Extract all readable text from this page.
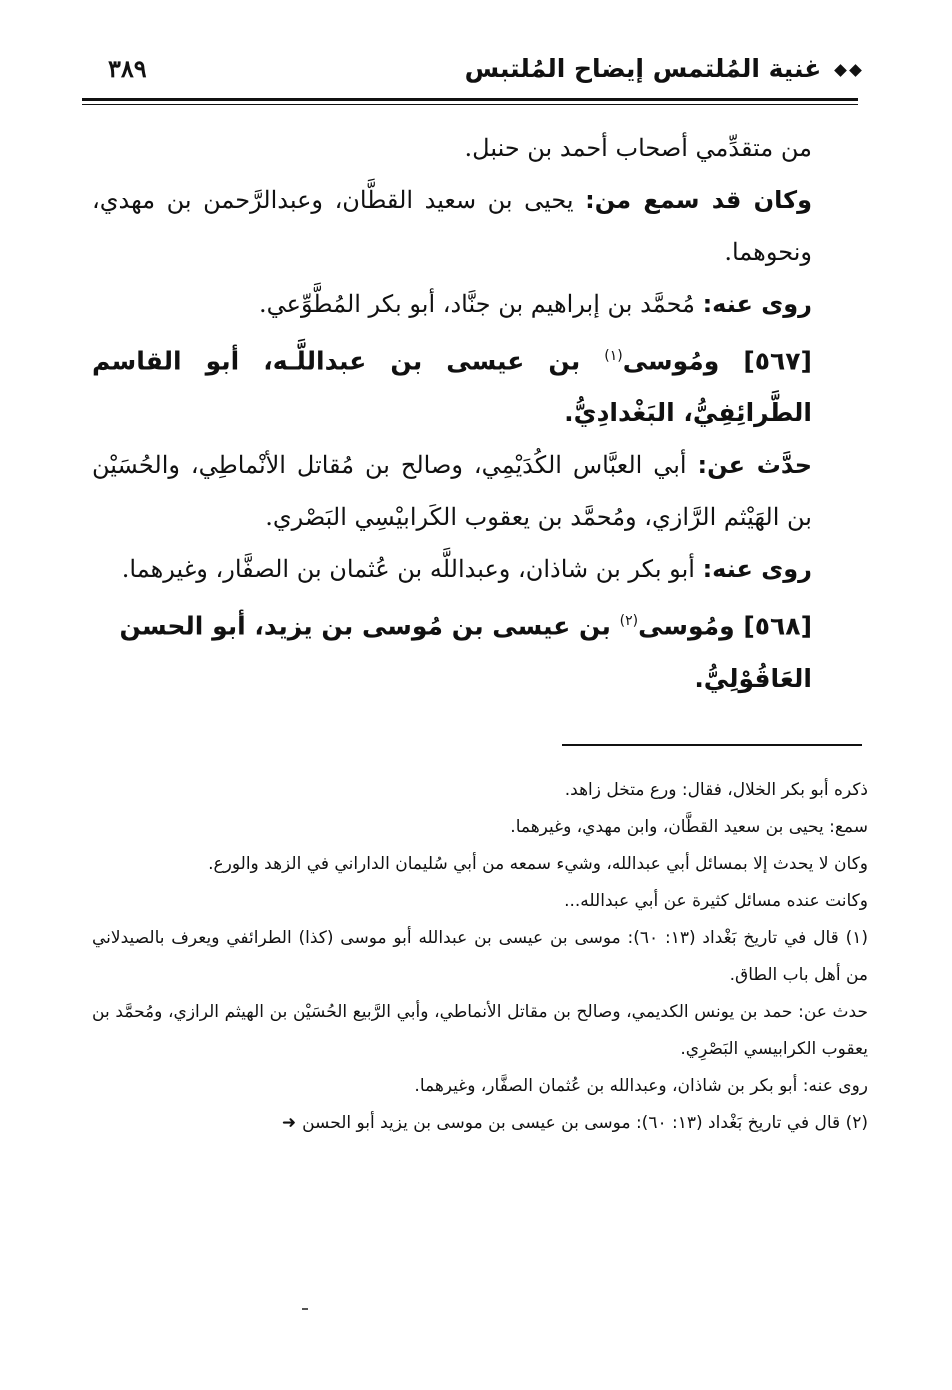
غنية المُلتمس إيضاح المُلتبس
٣٨٩

من متقدِّمي أصحاب أحمد بن حنبل.

وكان قد سمع من: يحيى بن سعيد القطَّان، وعبدالرَّحمن بن مهدي، ونحوهما.

روى عنه: مُحمَّد بن إبراهيم بن جنَّاد، أبو بكر المُطَّوِّعي.

[٥٦٧] ومُوسى$^{(١)}$ بن عيسى بن عبداللَّـه، أبو القاسم الطَّرائِفِيُّ، البَغْدادِيُّ.

حدَّث عن: أبي العبَّاس الكُدَيْمِي، وصالح بن مُقاتل الأنْماطِي، والحُسَيْن بن الهَيْثم الرَّازي، ومُحمَّد بن يعقوب الكَرابيْسِي البَصْري.

روى عنه: أبو بكر بن شاذان، وعبداللَّه بن عُثمان بن الصفَّار، وغيرهما.

[٥٦٨] ومُوسى$^{(٢)}$ بن عيسى بن مُوسى بن يزيد، أبو الحسن العَاقُوْلِيُّ.

ذكره أبو بكر الخلال، فقال: ورع متخل زاهد.

سمع: يحيى بن سعيد القطَّان، وابن مهدي، وغيرهما.

وكان لا يحدث إلا بمسائل أبي عبدالله، وشيء سمعه من أبي سُليمان الداراني في الزهد والورع.

وكانت عنده مسائل كثيرة عن أبي عبدالله...

(١) قال في تاريخ بَغْداد (١٣: ٦٠): موسى بن عيسى بن عبدالله أبو موسى (كذا) الطرائفي ويعرف بالصيدلاني من أهل باب الطاق.

حدث عن: حمد بن يونس الكديمي، وصالح بن مقاتل الأنماطي، وأبي الرَّبيع الحُسَيْن بن الهيثم الرازي، ومُحمَّد بن يعقوب الكرابيسي البَصْرِي.

روى عنه: أبو بكر بن شاذان، وعبدالله بن عُثمان الصفَّار، وغيرهما.

(٢) قال في تاريخ بَغْداد (١٣: ٦٠): موسى بن عيسى بن موسى بن يزيد أبو الحسن➜
